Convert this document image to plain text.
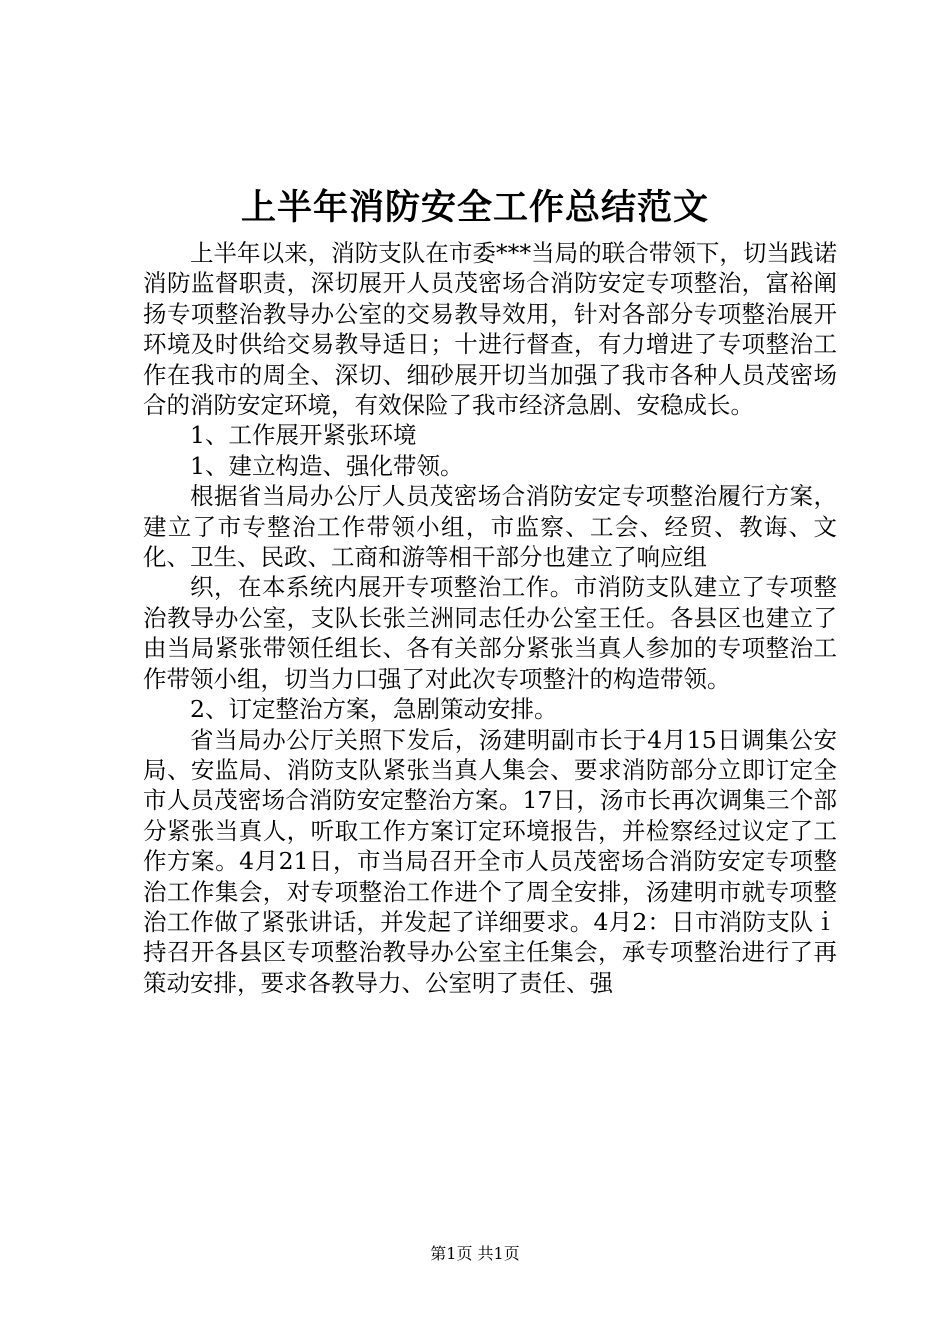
上半年消防安全工作总结范文

上半年以来，消防支队在市委***当局的联合带领下，切当践诺消防监督职责，深切展开人员茂密场合消防安定专项整治，富裕阐扬专项整治教导办公室的交易教导效用，针对各部分专项整治展开环境及时供给交易教导适日；十进行督查，有力增进了专项整治工作在我市的周全、深切、细砂展开切当加强了我市各种人员茂密场合的消防安定环境，有效保险了我市经济急剧、安稳成长。

1、工作展开紧张环境

1、建立构造、强化带领。

根据省当局办公厅人员茂密场合消防安定专项整治履行方案，建立了市专整治工作带领小组，市监察、工会、经贸、教诲、文化、卫生、民政、工商和游等相干部分也建立了响应组

织，在本系统内展开专项整治工作。市消防支队建立了专项整治教导办公室，支队长张兰洲同志任办公室王任。各县区也建立了由当局紧张带领任组长、各有关部分紧张当真人参加的专项整治工作带领小组，切当力口强了对此次专项整汁的构造带领。

2、订定整治方案，急剧策动安排。

省当局办公厅关照下发后，汤建明副市长于4月15日调集公安局、安监局、消防支队紧张当真人集会、要求消防部分立即订定全市人员茂密场合消防安定整治方案。17日，汤市长再次调集三个部分紧张当真人，听取工作方案订定环境报告，并检察经过议定了工作方案。4月21日，市当局召开全市人员茂密场合消防安定专项整治工作集会，对专项整治工作进个了周全安排，汤建明市就专项整治工作做了紧张讲话，并发起了详细要求。4月2：日市消防支队ｉ持召开各县区专项整治教导办公室主任集会，承专项整治进行了再策动安排，要求各教导力、公室明了责任、强

第1页 共1页
